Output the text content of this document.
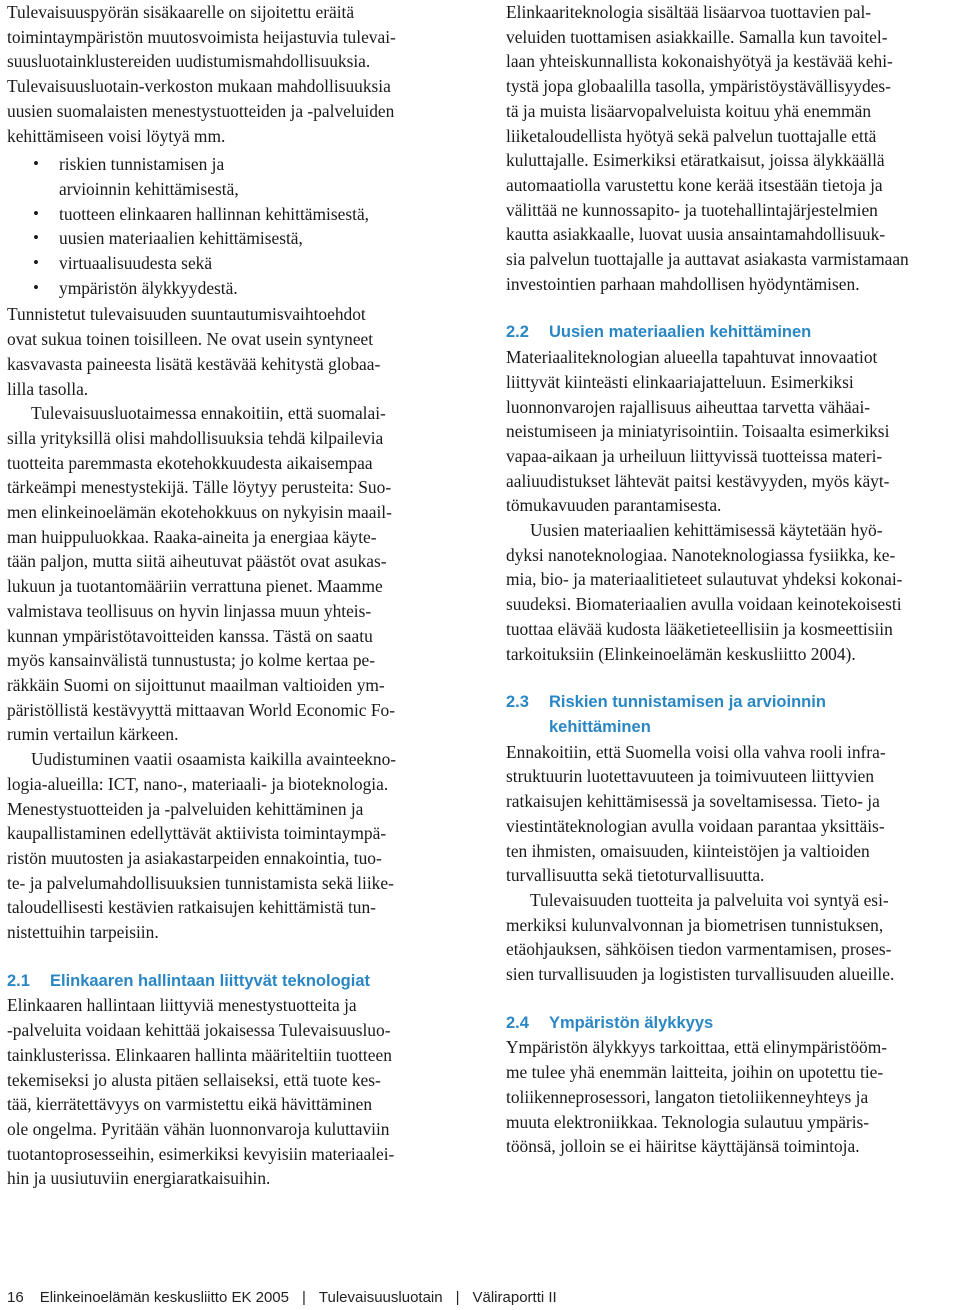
Tulevaisuuspyörän sisäkaarelle on sijoitettu eräitä
toimintaympäristön muutosvoimista heijastuvia tulevai-
suusluotainklustereiden uudistumismahdollisuuksia.
Tulevaisuusluotain-verkoston mukaan mahdollisuuksia
uusien suomalaisten menestystuotteiden ja -palveluiden
kehittämiseen voisi löytyä mm.

• riskien tunnistamisen ja
arvioinnin kehittämisestä,
• tuotteen elinkaaren hallinnan kehittämisestä,
• uusien materiaalien kehittämisestä,
• virtuaalisuudesta sekä
• ympäristön älykkyydestä.

Tunnistetut tulevaisuuden suuntautumisvaihtoehdot
ovat sukua toinen toisilleen. Ne ovat usein syntyneet
kasvavasta paineesta lisätä kestävää kehitystä globaa-
lilla tasolla.

Tulevaisuusluotaimessa ennakoitiin, että suomalai-
silla yrityksillä olisi mahdollisuuksia tehdä kilpailevia
tuotteita paremmasta ekotehokkuudesta aikaisempaa
tärkeämpi menestystekijä. Tälle löytyy perusteita: Suo-
men elinkeinoelämän ekotehokkuus on nykyisin maail-
man huippuluokkaa. Raaka-aineita ja energiaa käyte-
tään paljon, mutta siitä aiheutuvat päästöt ovat asukas-
lukuun ja tuotantomääriin verrattuna pienet. Maamme
valmistava teollisuus on hyvin linjassa muun yhteis-
kunnan ympäristötavoitteiden kanssa. Tästä on saatu
myös kansainvälistä tunnustusta; jo kolme kertaa pe-
räkkäin Suomi on sijoittunut maailman valtioiden ym-
päristöllistä kestävyyttä mittaavan World Economic Fo-
rumin vertailun kärkeen.

Uudistuminen vaatii osaamista kaikilla avainteekno-
logia-alueilla: ICT, nano-, materiaali- ja bioteknologia.
Menestystuotteiden ja -palveluiden kehittäminen ja
kaupallistaminen edellyttävät aktiivista toimintaympä-
ristön muutosten ja asiakastarpeiden ennakointia, tuo-
te- ja palvelumahdollisuuksien tunnistamista sekä liike-
taloudellisesti kestävien ratkaisujen kehittämistä tun-
nistettuihin tarpeisiin.

2.1	Elinkaaren hallintaan liittyvät teknologiat

Elinkaaren hallintaan liittyviä menestystuotteita ja
-palveluita voidaan kehittää jokaisessa Tulevaisuusluo-
tainklusterissa. Elinkaaren hallinta määriteltiin tuotteen
tekemiseksi jo alusta pitäen sellaiseksi, että tuote kes-
tää, kierrätettävyys on varmistettu eikä hävittäminen
ole ongelma. Pyritään vähän luonnonvaroja kuluttaviin
tuotantoprosesseihin, esimerkiksi kevyisiin materiaalei-
hin ja uusiutuviin energiaratkaisuihin.

Elinkaariteknologia sisältää lisäarvoa tuottavien pal-
veluiden tuottamisen asiakkaille. Samalla kun tavoitel-
laan yhteiskunnallista kokonaishyötyä ja kestävää kehi-
tystä jopa globaalilla tasolla, ympäristöystävällisyydes-
tä ja muista lisäarvopalveluista koituu yhä enemmän
liiketaloudellista hyötyä sekä palvelun tuottajalle että
kuluttajalle. Esimerkiksi etäratkaisut, joissa älykkäällä
automaatiolla varustettu kone kerää itsestään tietoja ja
välittää ne kunnossapito- ja tuotehallintajärjestelmien
kautta asiakkaalle, luovat uusia ansaintamahdollisuuk-
sia palvelun tuottajalle ja auttavat asiakasta varmistamaan
investointien parhaan mahdollisen hyödyntämisen.

2.2	Uusien materiaalien kehittäminen

Materiaaliteknologian alueella tapahtuvat innovaatiot
liittyvät kiinteästi elinkaariajatteluun. Esimerkiksi
luonnonvarojen rajallisuus aiheuttaa tarvetta vähäai-
neistumiseen ja miniatyrisointiin. Toisaalta esimerkiksi
vapaa-aikaan ja urheiluun liittyvissä tuotteissa materi-
aaliuudistukset lähtevät paitsi kestävyyden, myös käyt-
tömukavuuden parantamisesta.

Uusien materiaalien kehittämisessä käytetään hyö-
dyksi nanoteknologiaa. Nanoteknologiassa fysiikka, ke-
mia, bio- ja materiaalitieteet sulautuvat yhdeksi kokonai-
suudeksi. Biomateriaalien avulla voidaan keinotekoisesti
tuottaa elävää kudosta lääketieteellisiin ja kosmeettisiin
tarkoituksiin (Elinkeinoelämän keskusliitto 2004).

2.3	Riskien tunnistamisen ja arvioinnin
kehittäminen

Ennakoitiin, että Suomella voisi olla vahva rooli infra-
struktuurin luotettavuuteen ja toimivuuteen liittyvien
ratkaisujen kehittämisessä ja soveltamisessa. Tieto- ja
viestintäteknologian avulla voidaan parantaa yksittäis-
ten ihmisten, omaisuuden, kiinteistöjen ja valtioiden
turvallisuutta sekä tietoturvallisuutta.

Tulevaisuuden tuotteita ja palveluita voi syntyä esi-
merkiksi kulunvalvonnan ja biometrisen tunnistuksen,
etäohjauksen, sähköisen tiedon varmentamisen, proses-
sien turvallisuuden ja logististen turvallisuuden alueille.

2.4	Ympäristön älykkyys

Ympäristön älykkyys tarkoittaa, että elinympäristööm-
me tulee yhä enemmän laitteita, joihin on upotettu tie-
toliikenneprosessori, langaton tietoliikenneyhteys ja
muuta elektroniikkaa. Teknologia sulautuu ympäris-
töönsä, jolloin se ei häiritse käyttäjänsä toimintoja.

16 Elinkeinoelämän keskusliitto EK 2005 | Tulevaisuusluotain | Väliraportti II
